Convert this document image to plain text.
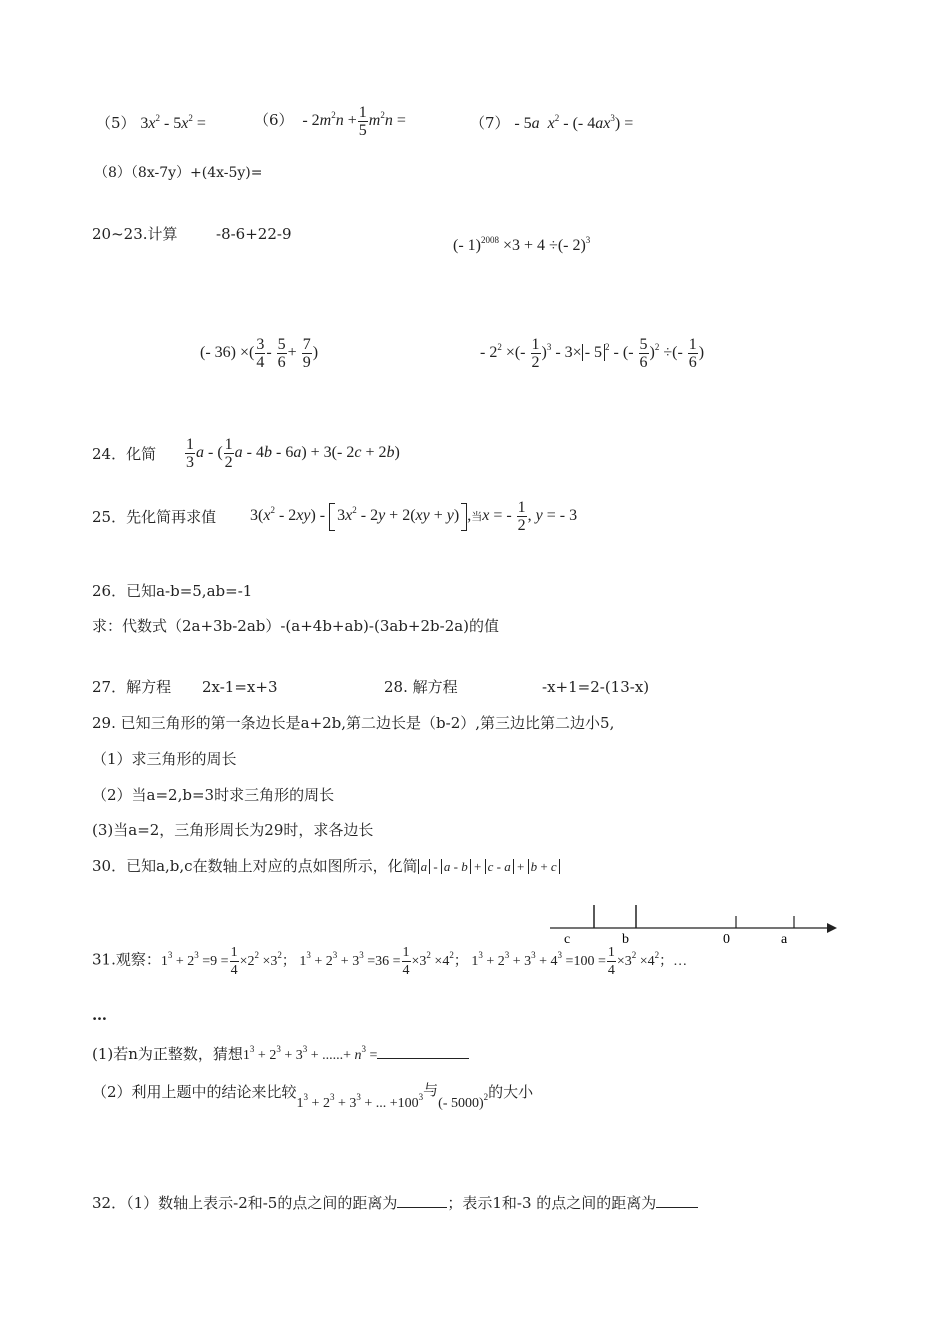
（5） $3x^2 - 5x^2$ =	$(6) - 2m^2n + \frac{1}{5} m^2n$ =	（7） - 5a $x^2$ - (- $4ax^3$) =
（8）（8x-7y）+(4x-5y)=
20~23.计算	-8-6+22-9
(- 1)$^{2008}$ ×3 + 4 ÷(- 2)$^3$
(- 36) ×( $\frac{3}{4} - \frac{5}{6} + \frac{7}{9}$ )	- $2^2$ ×(- $\frac{1}{2} )^3 - 3\times - 5$ $^2$ - (- $\frac{5}{6} )^2$ ÷(- $\frac{1}{6}$ )
24．化简 $\frac{1}{3}$ a - ( $\frac{1}{2}$ a - 4b - 6a) + 3(- 2c + 2b)
25．先化简再求值 $3(x^2 - 2xy) - 3x^2 - 2y + 2(xy + y)$ ,当x = - $\frac{1}{2}$ , y = - 3
26．已知a-b=5,ab=-1
求：代数式（2a+3b-2ab）-(a+4b+ab)-(3ab+2b-2a)的值
27．解方程 2x-1=x+3	28. 解方程	-x+1=2-(13-x)
29. 已知三角形的第一条边长是a+2b,第二边长是（b-2）,第三边比第二边小5,
（1）求三角形的周长
（2）当a=2,b=3时求三角形的周长
(3)当a=2，三角形周长为29时，求各边长
30．已知a,b,c在数轴上对应的点如图所示，化简 a - a - b + c - a + b + c
c	b	0	a
31.观察：$1^3 + 2^3 =9 = \frac{1}{4} \times 2^2 \times 3^2$； $1^3 + 2^3 + 3^3 =36 = \frac{1}{4} \times 3^2 \times 4^2$； $1^3 + 2^3 + 3^3 + 4^3 =100 = \frac{1}{4} \times 3^2 \times 4^2$；…
…
(1)若n为正整数，猜想$1^3 + 2^3 + 3^3$ + ......+ $n^3$ =
（2）利用上题中的结论来比较$1^3 + 2^3 + 3^3$ + ... $+100^3$与(- 5000)$^2$的大小
32．（1）数轴上表示-2和-5的点之间的距离为	；表示1和-3 的点之间的距离为
